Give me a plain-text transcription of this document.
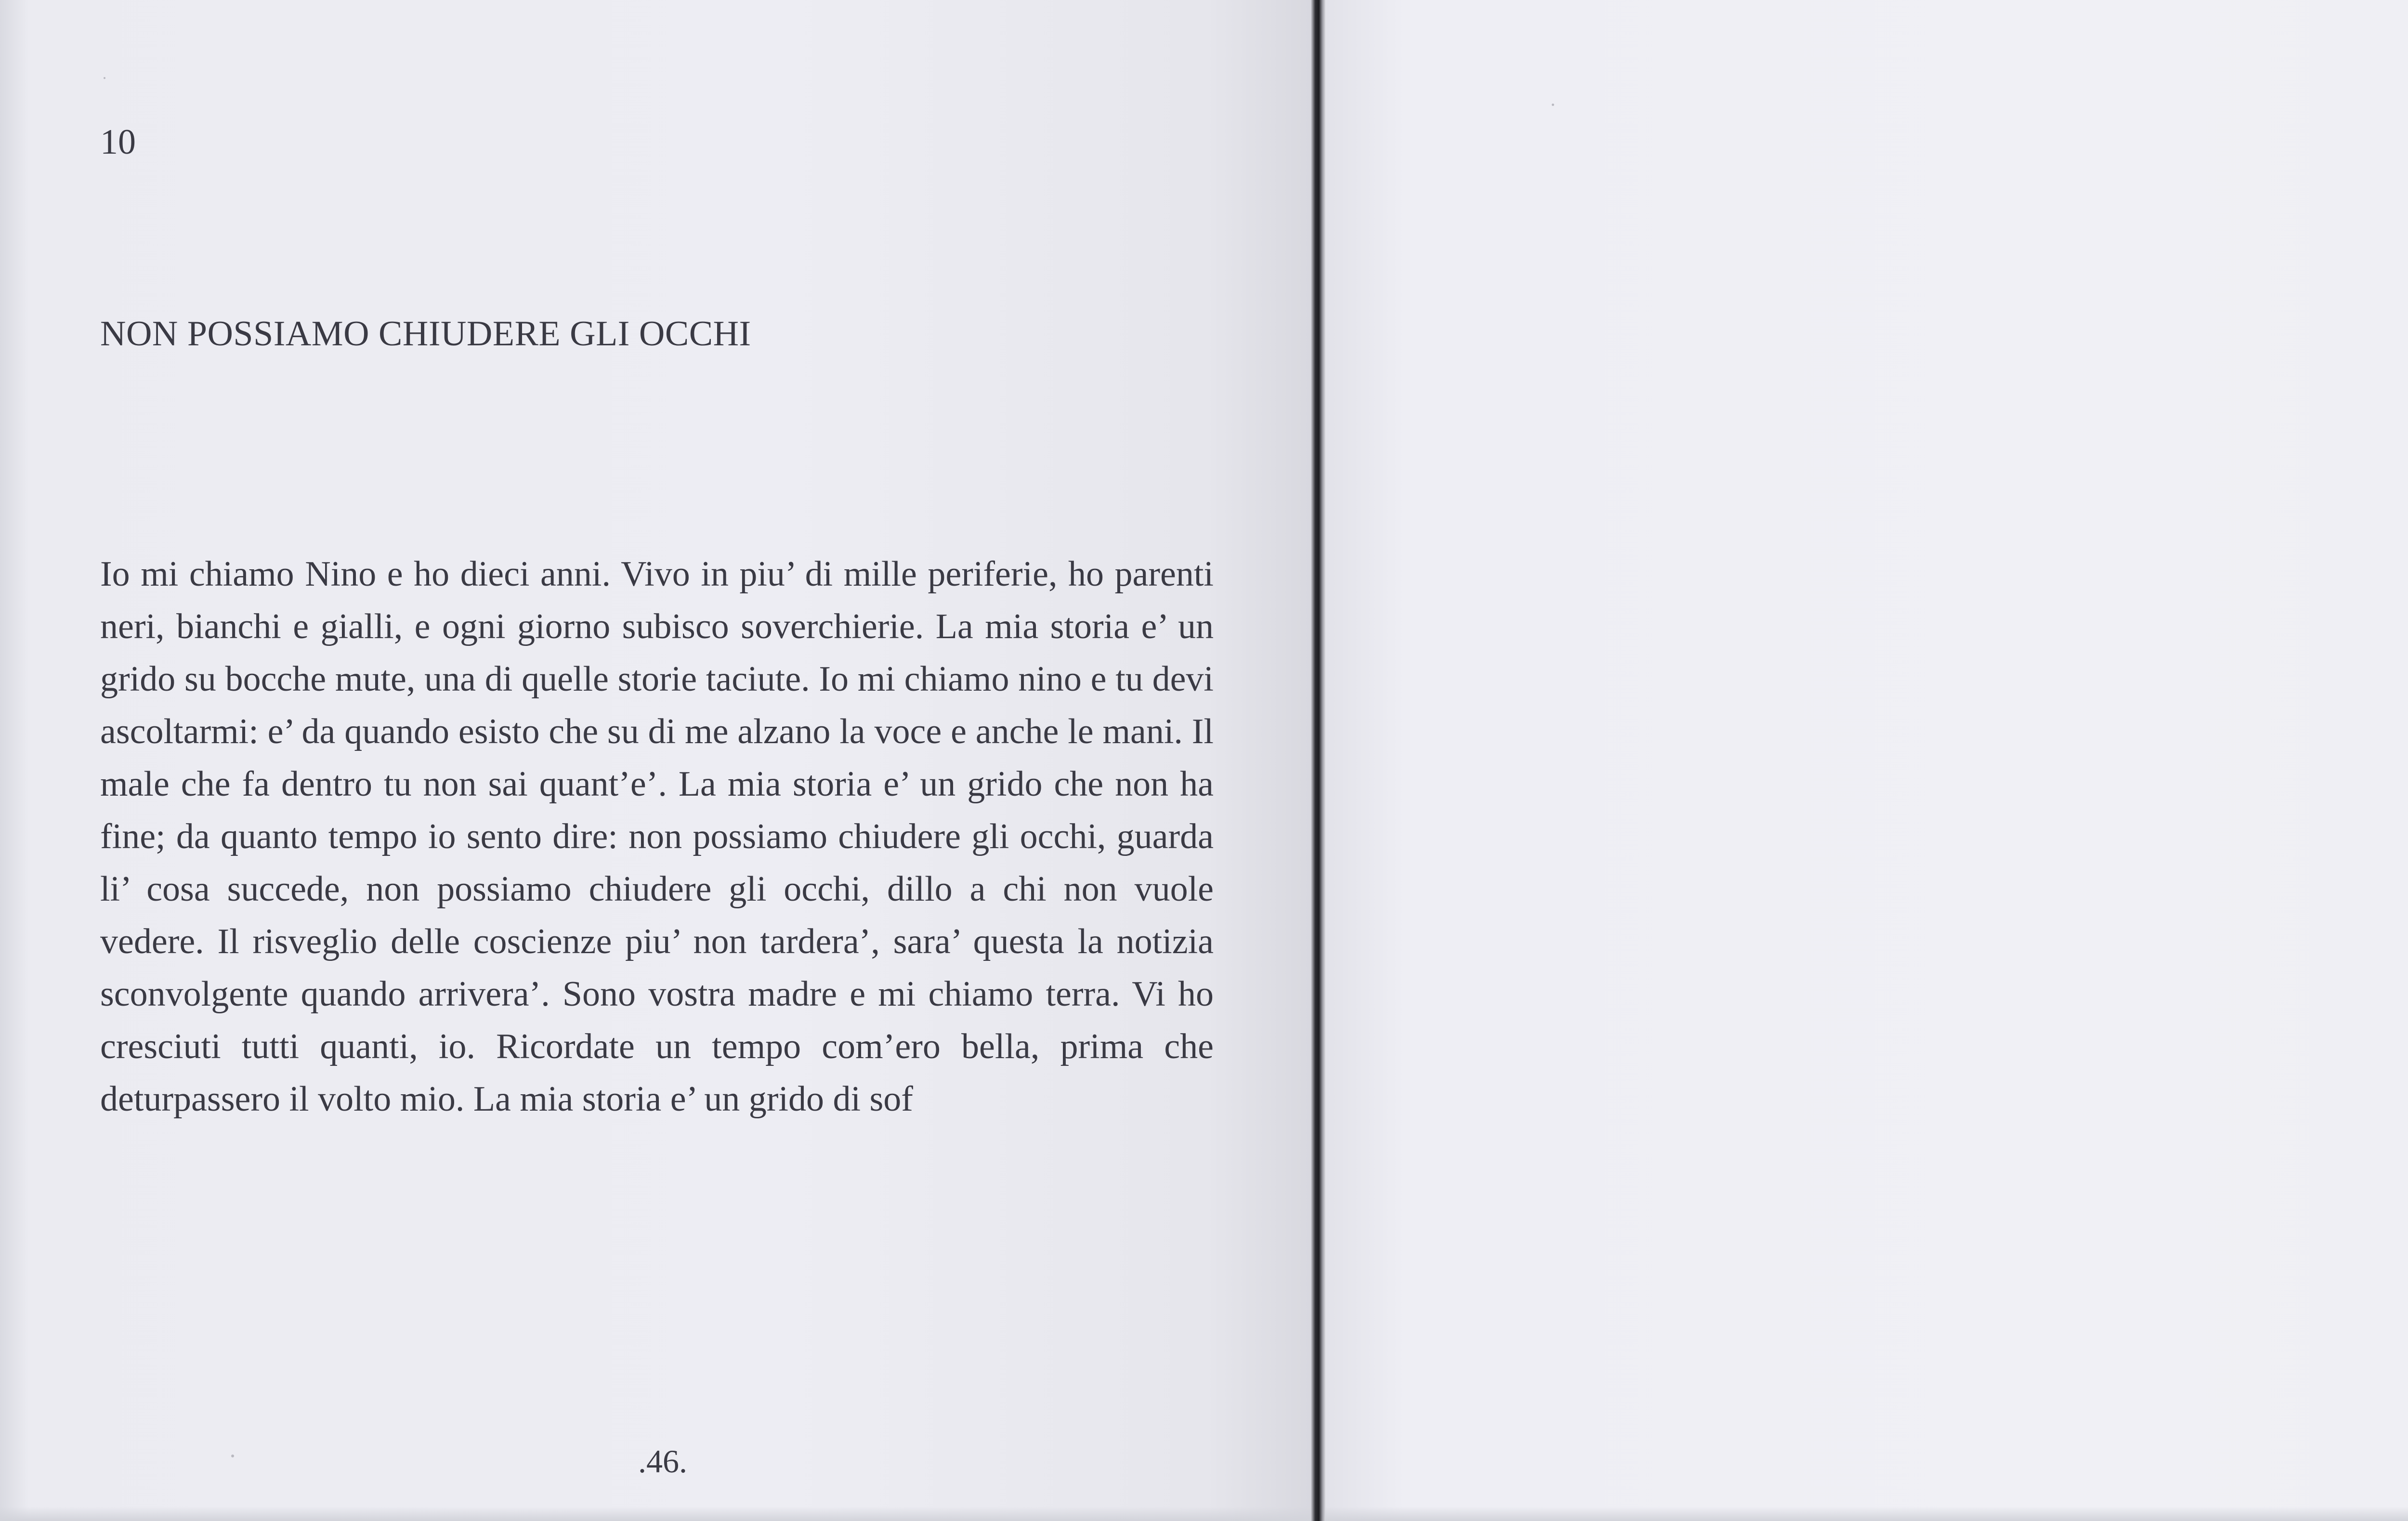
10

NON POSSIAMO CHIUDERE GLI OCCHI

Io mi chiamo Nino e ho dieci anni. Vivo in piu’ di mille periferie, ho parenti neri, bianchi e gialli, e ogni giorno subisco soverchierie. La mia storia e’ un grido su bocche mute, una di quelle storie taciute. Io mi chiamo nino e tu devi ascoltarmi: e’ da quando esisto che su di me alzano la voce e anche le mani. Il male che fa dentro tu non sai quant’e’. La mia storia e’ un grido che non ha fine; da quanto tempo io sento dire: non possiamo chiudere gli occhi, guarda li’ cosa succede, non possiamo chiudere gli occhi, dillo a chi non vuole vedere. Il risveglio delle coscienze piu’ non tardera’, sara’ questa la notizia sconvolgente quando arrivera’. Sono vostra madre e mi chiamo terra. Vi ho cresciuti tutti quanti, io. Ricordate un tempo com’ero bella, prima che deturpassero il volto mio. La mia storia e’ un grido di sof

.46.
